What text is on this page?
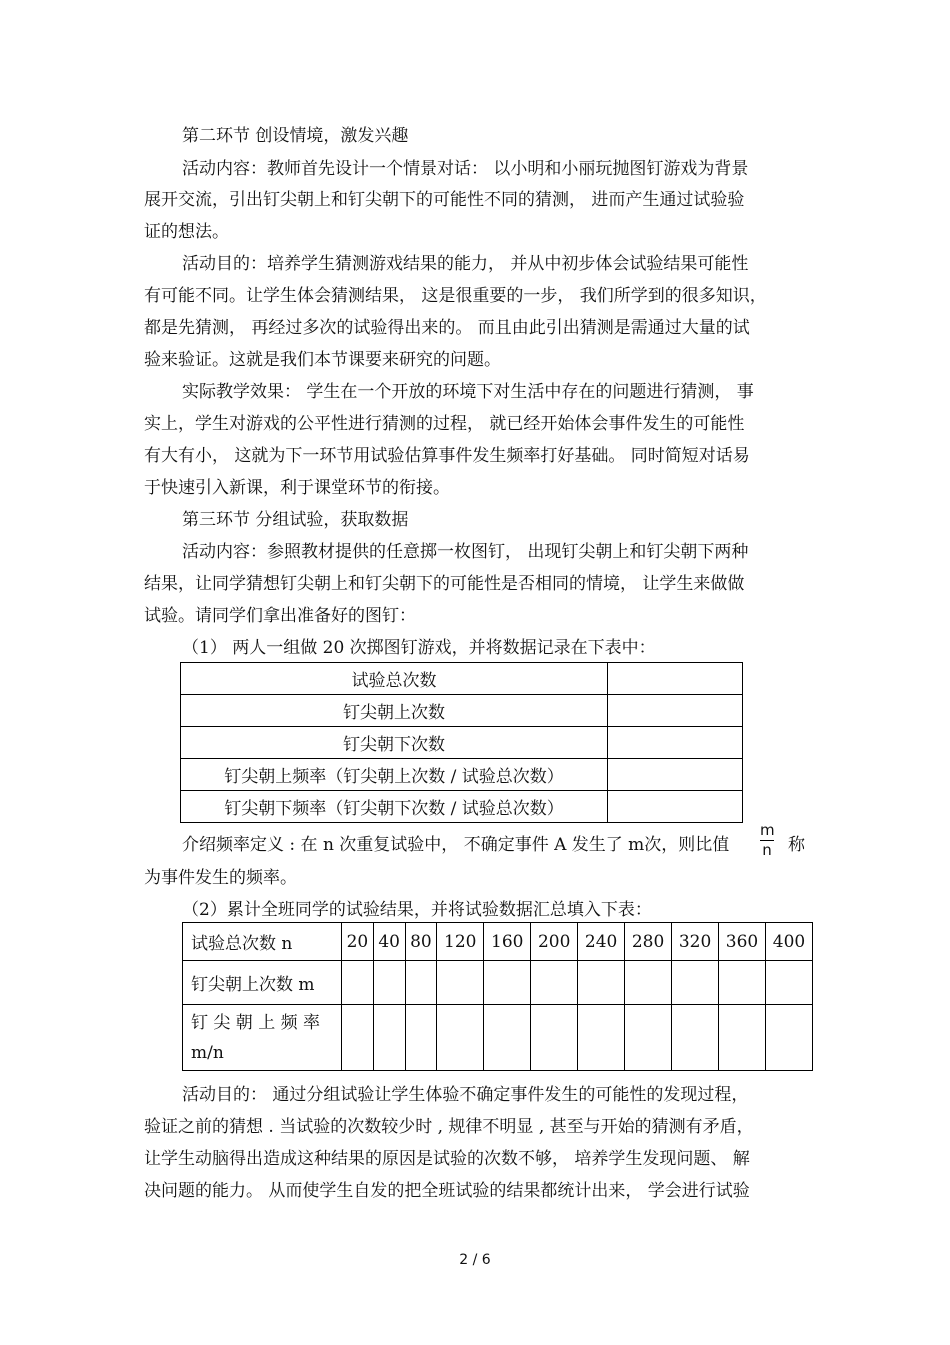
第二环节 创设情境，激发兴趣
活动内容：教师首先设计一个情景对话： 以小明和小丽玩抛图钉游戏为背景
展开交流，引出钉尖朝上和钉尖朝下的可能性不同的猜测， 进而产生通过试验验
证的想法。
活动目的：培养学生猜测游戏结果的能力， 并从中初步体会试验结果可能性
有可能不同。让学生体会猜测结果， 这是很重要的一步， 我们所学到的很多知识，
都是先猜测， 再经过多次的试验得出来的。 而且由此引出猜测是需通过大量的试
验来验证。这就是我们本节课要来研究的问题。
实际教学效果： 学生在一个开放的环境下对生活中存在的问题进行猜测， 事
实上，学生对游戏的公平性进行猜测的过程， 就已经开始体会事件发生的可能性
有大有小， 这就为下一环节用试验估算事件发生频率打好基础。 同时简短对话易
于快速引入新课，利于课堂环节的衔接。
第三环节 分组试验，获取数据
活动内容：参照教材提供的任意掷一枚图钉， 出现钉尖朝上和钉尖朝下两种
结果，让同学猜想钉尖朝上和钉尖朝下的可能性是否相同的情境， 让学生来做做
试验。请同学们拿出准备好的图钉：
（1） 两人一组做 20 次掷图钉游戏，并将数据记录在下表中：
试验总次数	
钉尖朝上次数	
钉尖朝下次数	
钉尖朝上频率（钉尖朝上次数 / 试验总次数）	
钉尖朝下频率（钉尖朝下次数 / 试验总次数）	
介绍频率定义 : 在 n 次重复试验中， 不确定事件 A 发生了 m次，则比值
m
n 称
为事件发生的频率。
（2）累计全班同学的试验结果，并将试验数据汇总填入下表：
试验总次数 n	20	40	80	120	160	200	240	280	320	360	400
钉尖朝上次数 m											
钉 尖 朝 上 频 率
m/n											
活动目的： 通过分组试验让学生体验不确定事件发生的可能性的发现过程，
验证之前的猜想 . 当试验的次数较少时 , 规律不明显 , 甚至与开始的猜测有矛盾，
让学生动脑得出造成这种结果的原因是试验的次数不够， 培养学生发现问题、 解
决问题的能力。 从而使学生自发的把全班试验的结果都统计出来， 学会进行试验
2 / 6
